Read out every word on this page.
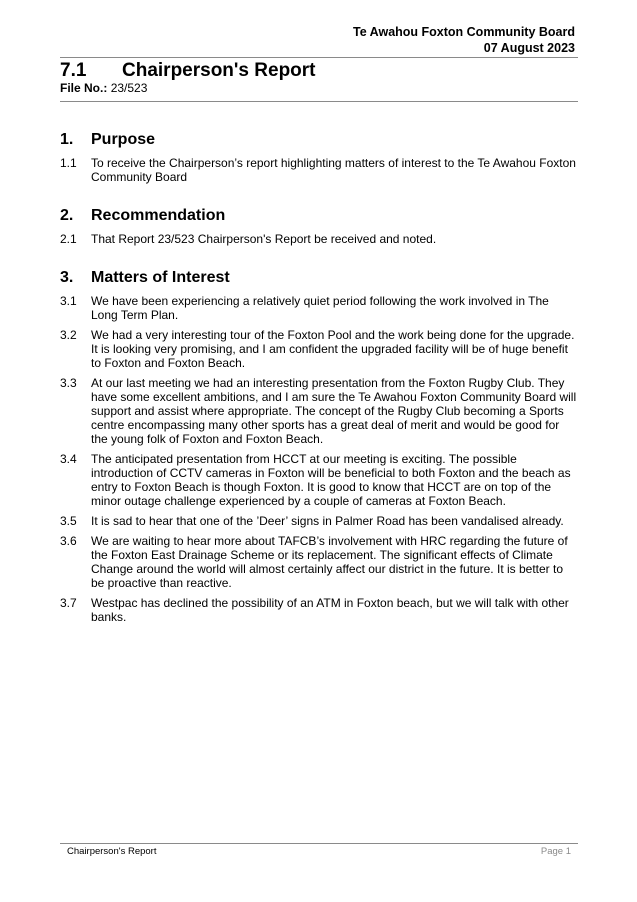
Te Awahou Foxton Community Board
07 August 2023
7.1 Chairperson's Report
File No.: 23/523
1. Purpose
1.1	To receive the Chairperson’s report highlighting matters of interest to the Te Awahou Foxton Community Board
2. Recommendation
2.1	That Report 23/523 Chairperson's Report be received and noted.
3. Matters of Interest
3.1	We have been experiencing a relatively quiet period following the work involved in The Long Term Plan.
3.2	We had a very interesting tour of the Foxton Pool and the work being done for the upgrade. It is looking very promising, and I am confident the upgraded facility will be of huge benefit to Foxton and Foxton Beach.
3.3	At our last meeting we had an interesting presentation from the Foxton Rugby Club. They have some excellent ambitions, and I am sure the Te Awahou Foxton Community Board will support and assist where appropriate. The concept of the Rugby Club becoming a Sports centre encompassing many other sports has a great deal of merit and would be good for the young folk of Foxton and Foxton Beach.
3.4	The anticipated presentation from HCCT at our meeting is exciting. The possible introduction of CCTV cameras in Foxton will be beneficial to both Foxton and the beach as entry to Foxton Beach is though Foxton. It is good to know that HCCT are on top of the minor outage challenge experienced by a couple of cameras at Foxton Beach.
3.5	It is sad to hear that one of the ’Deer’ signs in Palmer Road has been vandalised already.
3.6	We are waiting to hear more about TAFCB’s involvement with HRC regarding the future of the Foxton East Drainage Scheme or its replacement. The significant effects of Climate Change around the world will almost certainly affect our district in the future. It is better to be proactive than reactive.
3.7	Westpac has declined the possibility of an ATM in Foxton beach, but we will talk with other banks.
Chairperson's Report	Page 1
